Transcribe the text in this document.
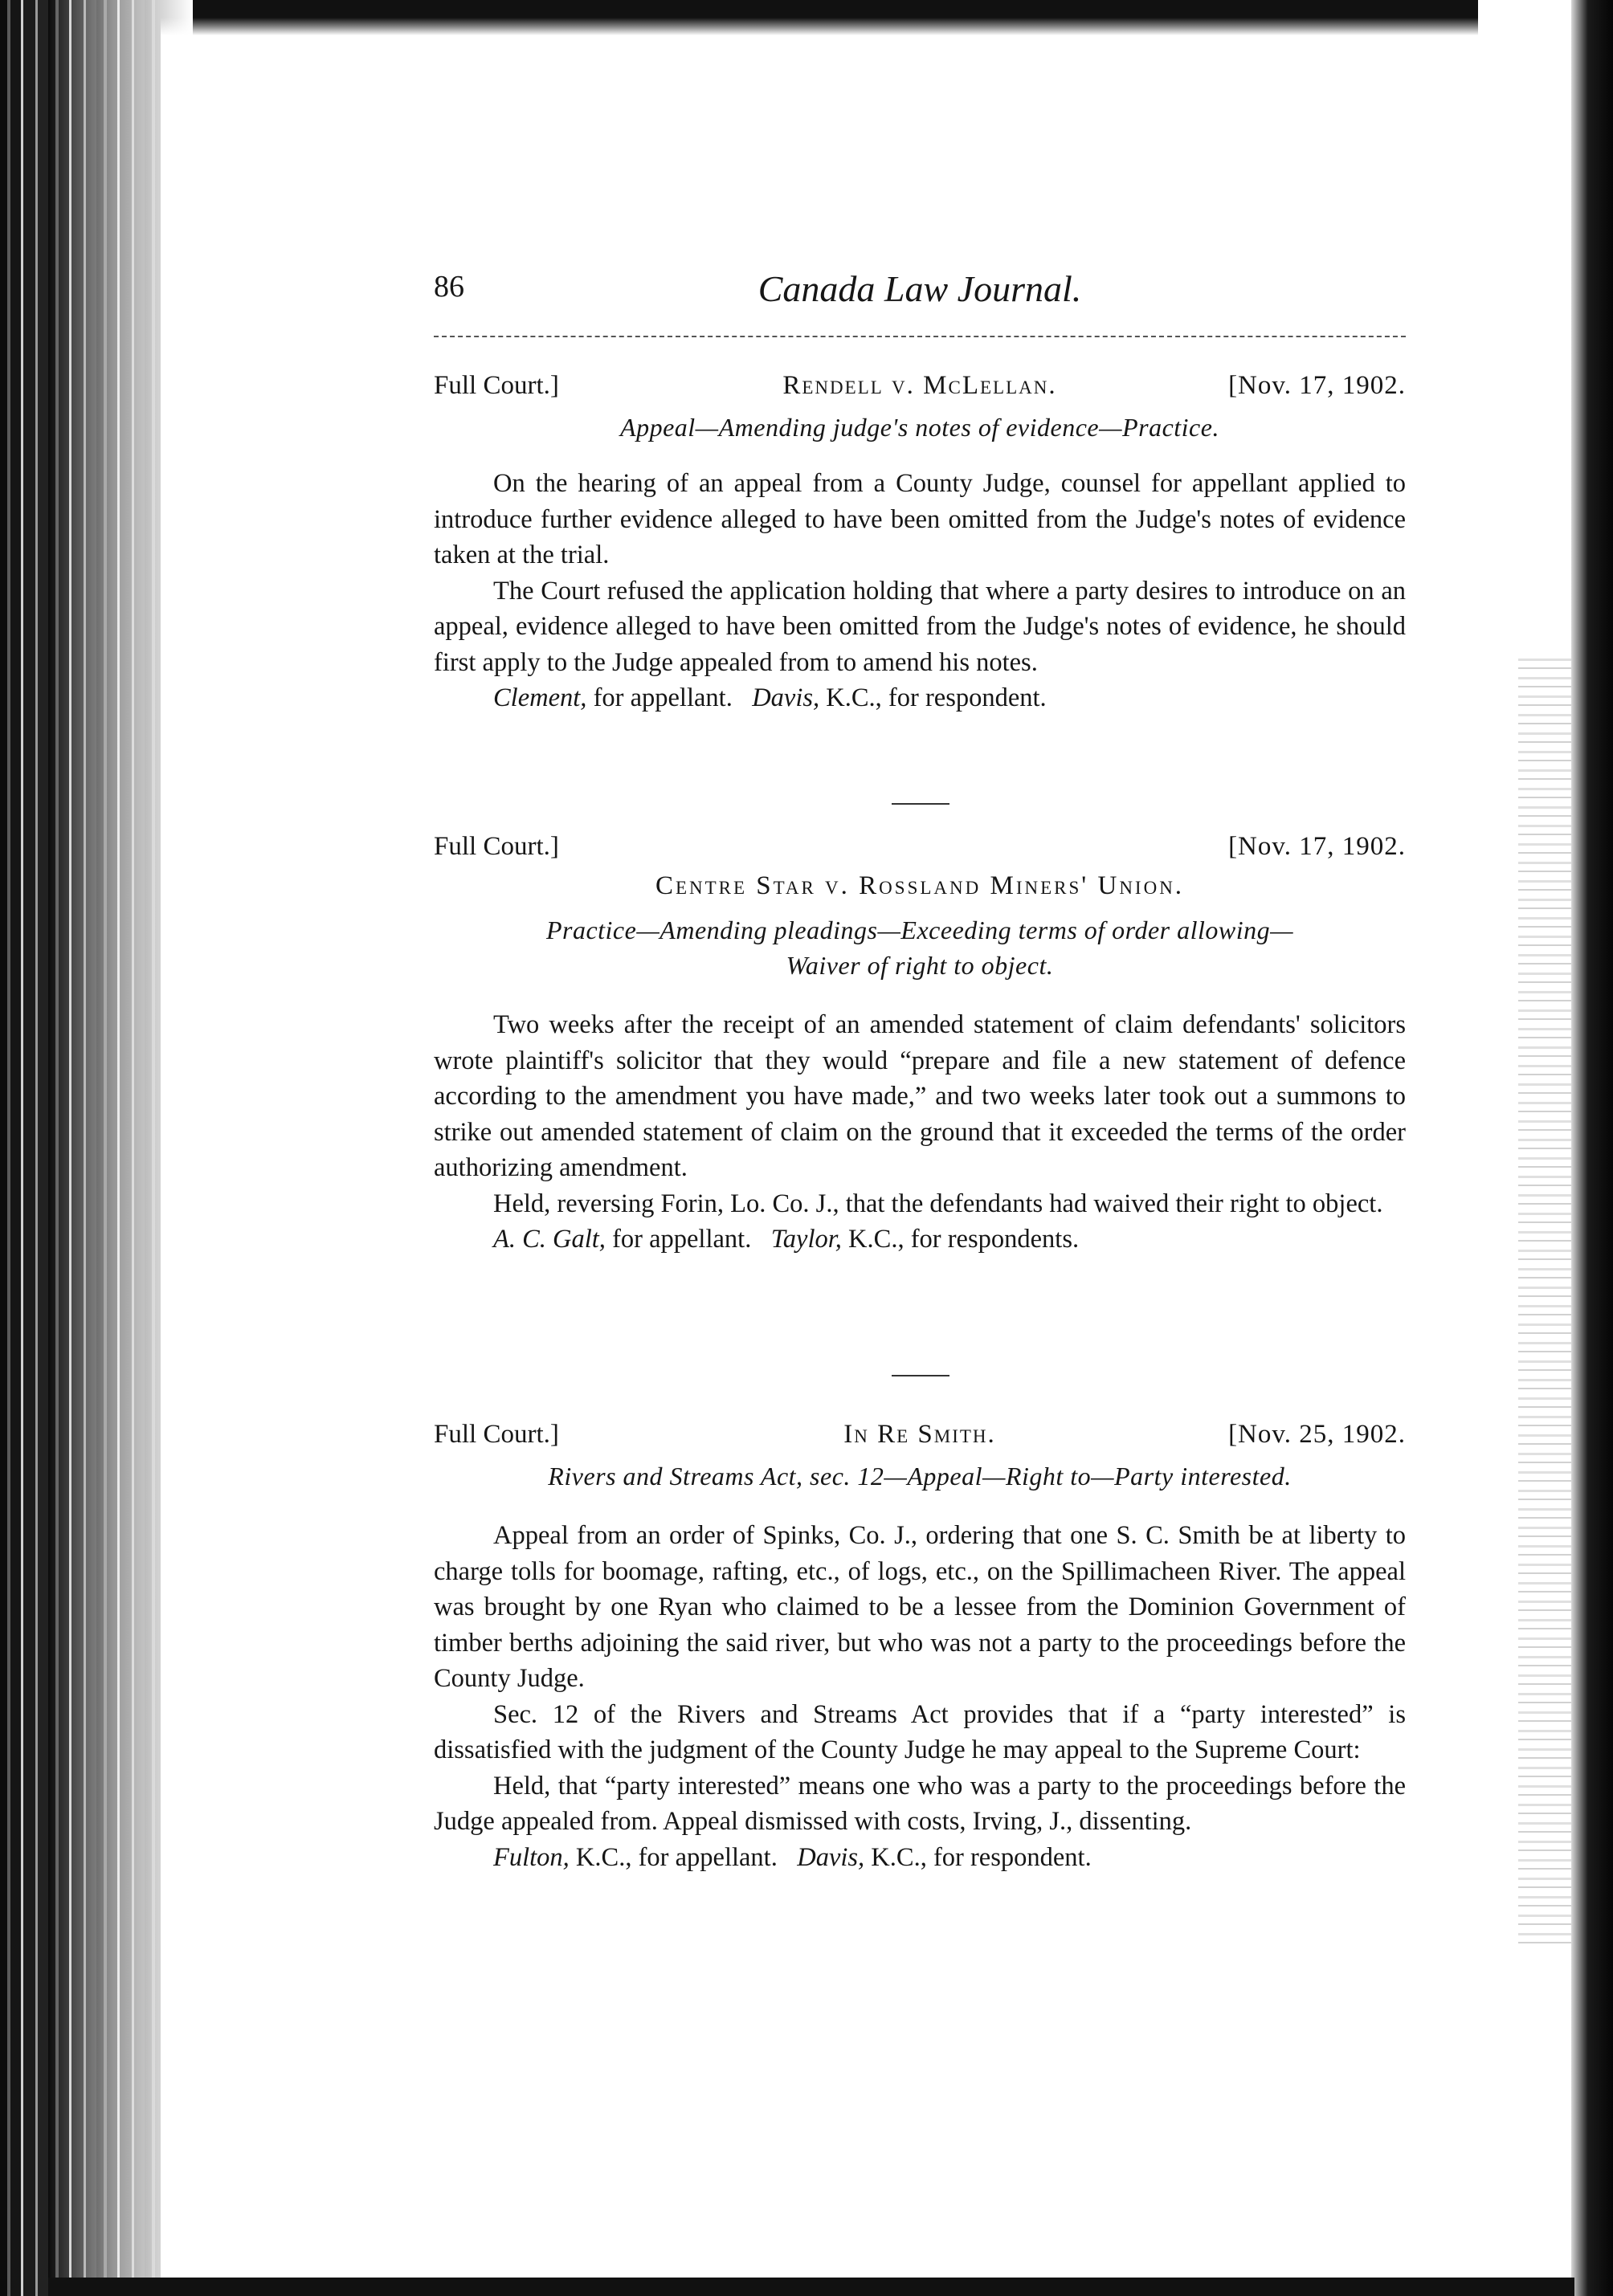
86	Canada Law Journal.
Full Court.]	Rendell v. McLellan.	[Nov. 17, 1902.
Appeal—Amending judge's notes of evidence—Practice.

On the hearing of an appeal from a County Judge, counsel for appellant applied to introduce further evidence alleged to have been omitted from the Judge's notes of evidence taken at the trial.

The Court refused the application holding that where a party desires to introduce on an appeal, evidence alleged to have been omitted from the Judge's notes of evidence, he should first apply to the Judge appealed from to amend his notes.

Clement, for appellant. Davis, K.C., for respondent.
Full Court.]	[Nov. 17, 1902.
Centre Star v. Rossland Miners' Union.
Practice—Amending pleadings—Exceeding terms of order allowing—
Waiver of right to object.

Two weeks after the receipt of an amended statement of claim defendants' solicitors wrote plaintiff's solicitor that they would “prepare and file a new statement of defence according to the amendment you have made,” and two weeks later took out a summons to strike out amended statement of claim on the ground that it exceeded the terms of the order authorizing amendment.

Held, reversing Forin, Lo. Co. J., that the defendants had waived their right to object.

A. C. Galt, for appellant. Taylor, K.C., for respondents.
Full Court.]	In Re Smith.	[Nov. 25, 1902.
Rivers and Streams Act, sec. 12—Appeal—Right to—Party interested.

Appeal from an order of Spinks, Co. J., ordering that one S. C. Smith be at liberty to charge tolls for boomage, rafting, etc., of logs, etc., on the Spillimacheen River. The appeal was brought by one Ryan who claimed to be a lessee from the Dominion Government of timber berths adjoining the said river, but who was not a party to the proceedings before the County Judge.

Sec. 12 of the Rivers and Streams Act provides that if a “party interested” is dissatisfied with the judgment of the County Judge he may appeal to the Supreme Court:

Held, that “party interested” means one who was a party to the proceedings before the Judge appealed from. Appeal dismissed with costs, Irving, J., dissenting.

Fulton, K.C., for appellant. Davis, K.C., for respondent.
